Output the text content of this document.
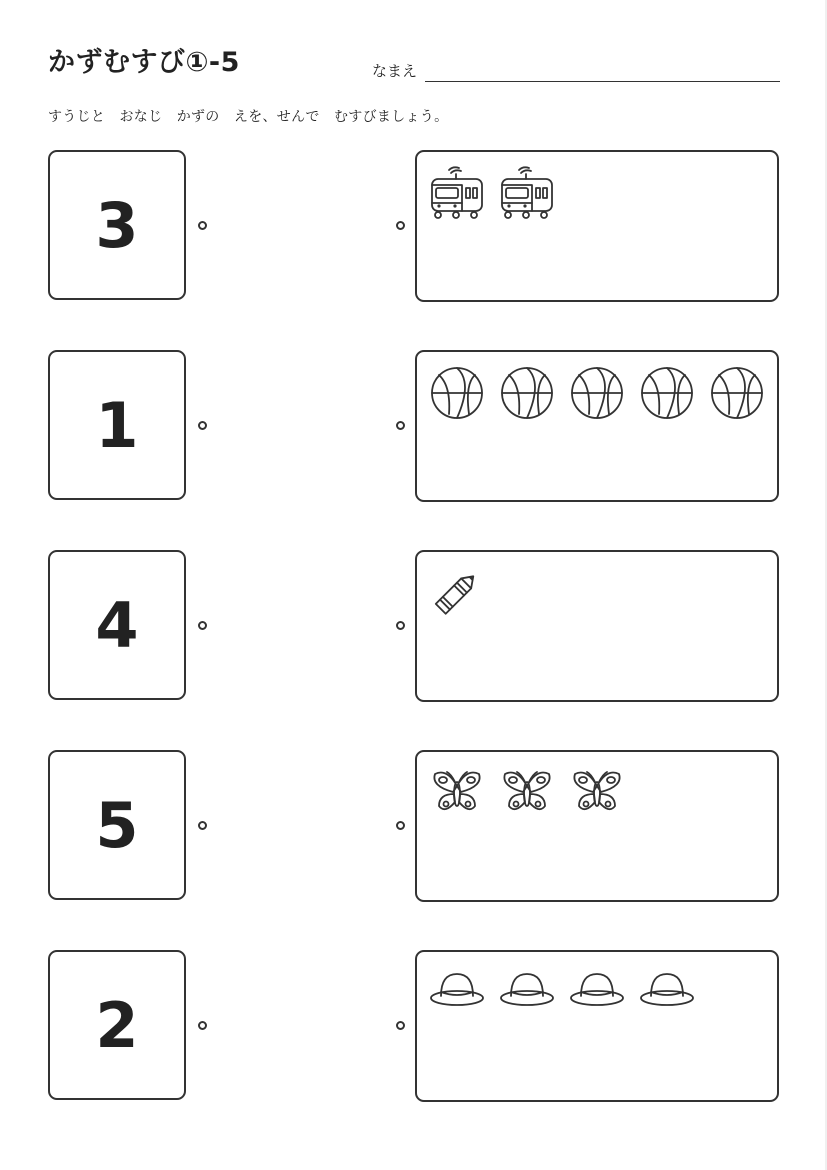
かずむすび①-5	なまえ
すうじと　おなじ　かずの　えを、せんで　むすびましょう。
3
1
4
5
2
